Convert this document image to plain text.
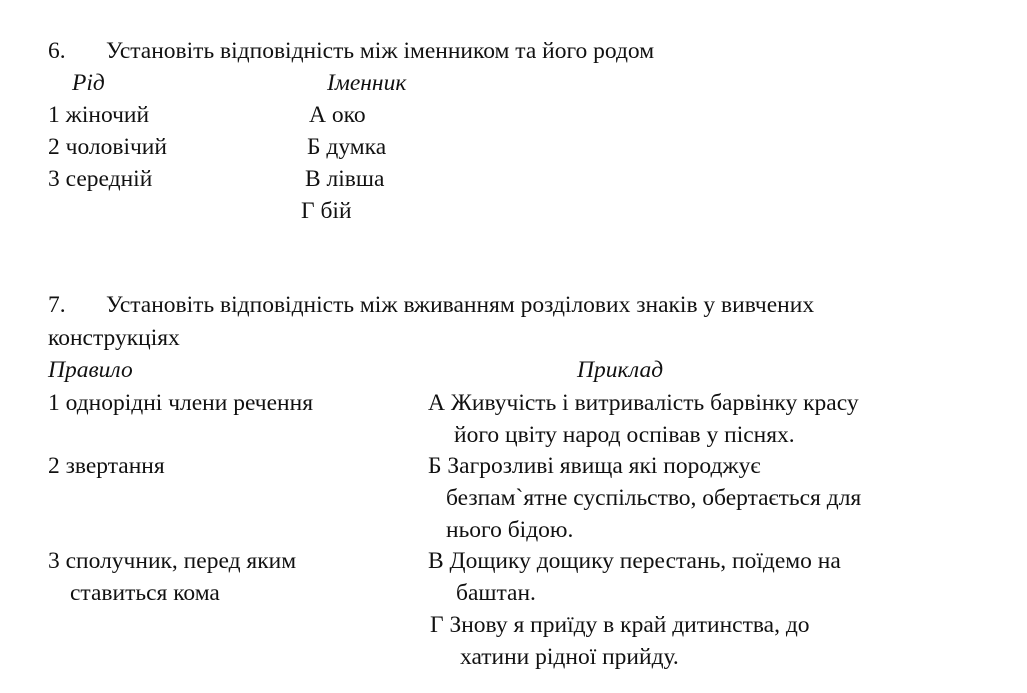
6. Установіть відповідність між іменником та його родом
Рід	Іменник
1 жіночий
2 чоловічий
3 середній
А око
Б думка
В лівша
Г бій
7. Установіть відповідність між вживанням розділових знаків у вивчених
конструкціях
Правило	Приклад
1 однорідні члени речення
2 звертання
3 сполучник, перед яким
ставиться кома
А Живучість і витривалість барвінку красу
його цвіту народ оспівав у піснях.
Б Загрозливі явища які породжує
безпам`ятне суспільство, обертається для
нього бідою.
В Дощику дощику перестань, поїдемо на
баштан.
Г Знову я приїду в край дитинства, до
хатини рідної прийду.
